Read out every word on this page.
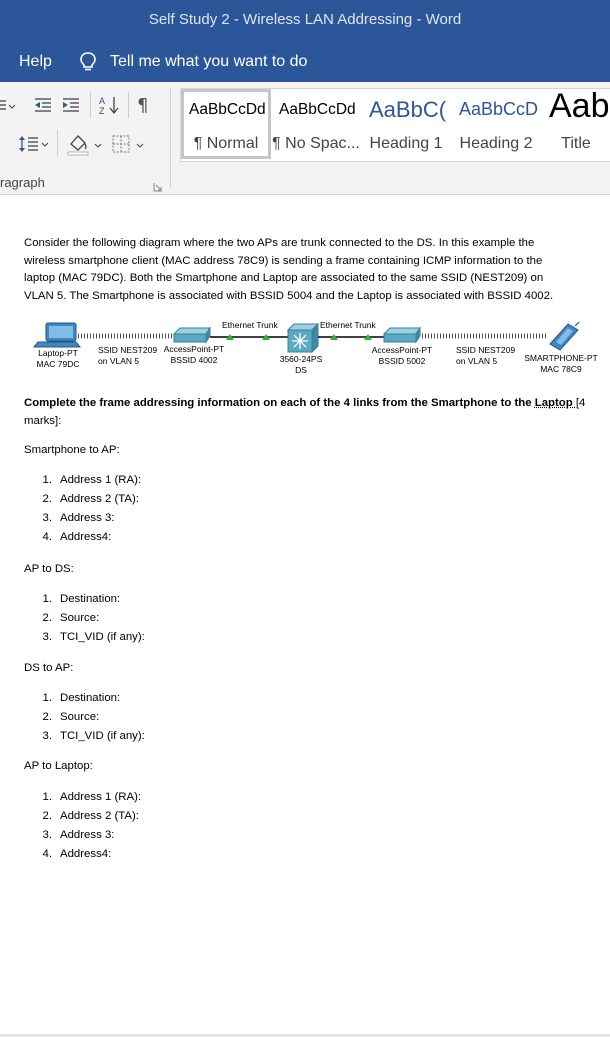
Self Study 2 - Wireless LAN Addressing - Word
Help	Tell me what you want to do
A
Z ¶	AaBbCcDd
¶ Normal
AaBbCcDd
¶ No Spac...
AaBbC(
Heading 1
AaBbCcD
Heading 2
Aab
Title
ragraph
Consider the following diagram where the two APs are trunk connected to the DS. In this example the wireless smartphone client (MAC address 78C9) is sending a frame containing ICMP information to the laptop (MAC 79DC). Both the Smartphone and Laptop are associated to the same SSID (NEST209) on VLAN 5. The Smartphone is associated with BSSID 5004 and the Laptop is associated with BSSID 4002.
Ethernet Trunk	Ethernet Trunk
Laptop-PT
MAC 79DC
SSID NEST209
on VLAN 5
AccessPoint-PT
BSSID 4002	3560-24PS
DS
AccessPoint-PT
BSSID 5002
SSID NEST209
on VLAN 5	SMARTPHONE-PT
MAC 78C9
Complete the frame addressing information on each of the 4 links from the Smartphone to the Laptop [4
marks]:
Smartphone to AP:
1. Address 1 (RA):
2. Address 2 (TA):
3. Address 3:
4. Address4:
AP to DS:
1. Destination:
2. Source:
3. TCI_VID (if any):
DS to AP:
1. Destination:
2. Source:
3. TCI_VID (if any):
AP to Laptop:
1. Address 1 (RA):
2. Address 2 (TA):
3. Address 3:
4. Address4:
